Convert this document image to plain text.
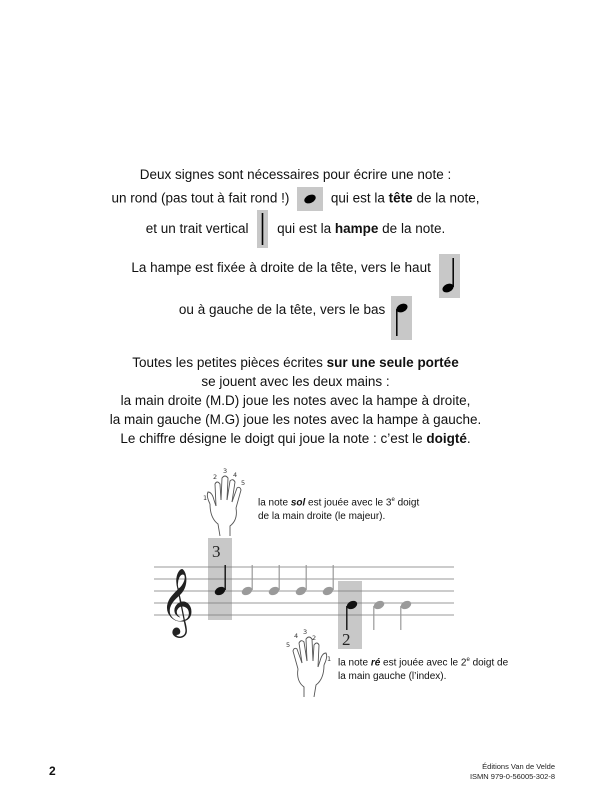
Deux signes sont nécessaires pour écrire une note :
un rond (pas tout à fait rond !)	qui est la tête de la note,
et un trait vertical qui est la hampe de la note.
La hampe est fixée à droite de la tête, vers le haut
ou à gauche de la tête, vers le bas
Toutes les petites pièces écrites sur une seule portée
se jouent avec les deux mains :
la main droite (M.D) joue les notes avec la hampe à droite,
la main gauche (M.G) joue les notes avec la hampe à gauche.
Le chiffre désigne le doigt qui joue la note : c’est le doigté.
1
2
3 4
5
la note sol est jouée avec le 3e doigt
de la main droite (le majeur).
𝄞
3
2
5
4 3
2
1 la note ré est jouée avec le 2e doigt de
la main gauche (l’index).
2	Éditions Van de Velde
ISMN 979-0-56005-302-8
